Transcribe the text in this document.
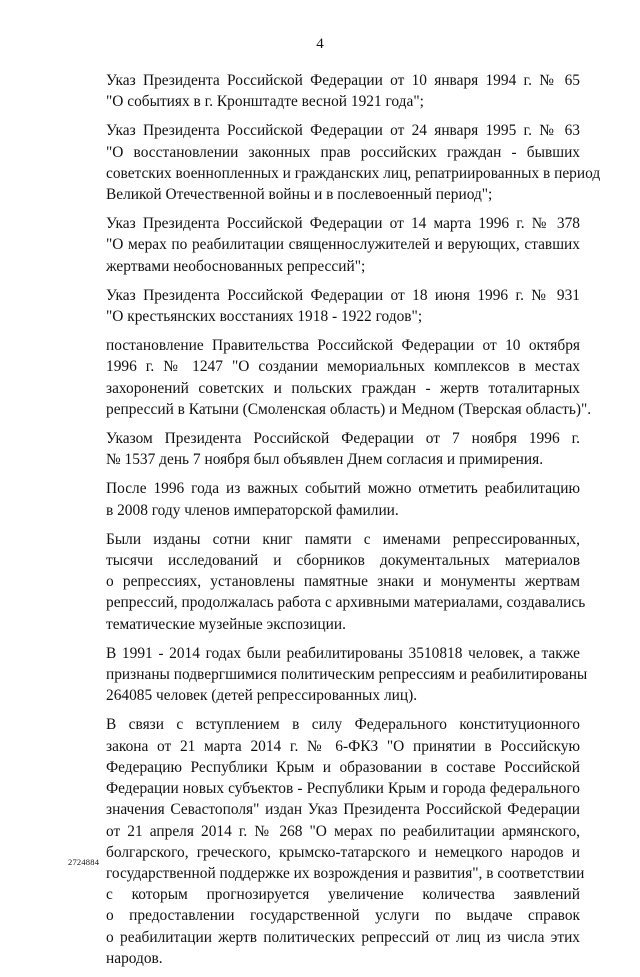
4

Указ Президента Российской Федерации от 10 января 1994 г. № 65
"О событиях в г. Кронштадте весной 1921 года";

Указ Президента Российской Федерации от 24 января 1995 г. № 63
"О восстановлении законных прав российских граждан - бывших
советских военнопленных и гражданских лиц, репатриированных в период
Великой Отечественной войны и в послевоенный период";

Указ Президента Российской Федерации от 14 марта 1996 г. № 378
"О мерах по реабилитации священнослужителей и верующих, ставших
жертвами необоснованных репрессий";

Указ Президента Российской Федерации от 18 июня 1996 г. № 931
"О крестьянских восстаниях 1918 - 1922 годов";

постановление Правительства Российской Федерации от 10 октября
1996 г. № 1247 "О создании мемориальных комплексов в местах
захоронений советских и польских граждан - жертв тоталитарных
репрессий в Катыни (Смоленская область) и Медном (Тверская область)".

Указом Президента Российской Федерации от 7 ноября 1996 г.
№ 1537 день 7 ноября был объявлен Днем согласия и примирения.

После 1996 года из важных событий можно отметить реабилитацию
в 2008 году членов императорской фамилии.

Были изданы сотни книг памяти с именами репрессированных,
тысячи исследований и сборников документальных материалов
о репрессиях, установлены памятные знаки и монументы жертвам
репрессий, продолжалась работа с архивными материалами, создавались
тематические музейные экспозиции.

В 1991 - 2014 годах были реабилитированы 3510818 человек, а также
признаны подвергшимися политическим репрессиям и реабилитированы
264085 человек (детей репрессированных лиц).

В связи с вступлением в силу Федерального конституционного
закона от 21 марта 2014 г. № 6-ФКЗ "О принятии в Российскую
Федерацию Республики Крым и образовании в составе Российской
Федерации новых субъектов - Республики Крым и города федерального
значения Севастополя" издан Указ Президента Российской Федерации
от 21 апреля 2014 г. № 268 "О мерах по реабилитации армянского,
болгарского, греческого, крымско-татарского и немецкого народов и
государственной поддержке их возрождения и развития", в соответствии
с которым прогнозируется увеличение количества заявлений
о предоставлении государственной услуги по выдаче справок
о реабилитации жертв политических репрессий от лиц из числа этих
народов.

2724884
